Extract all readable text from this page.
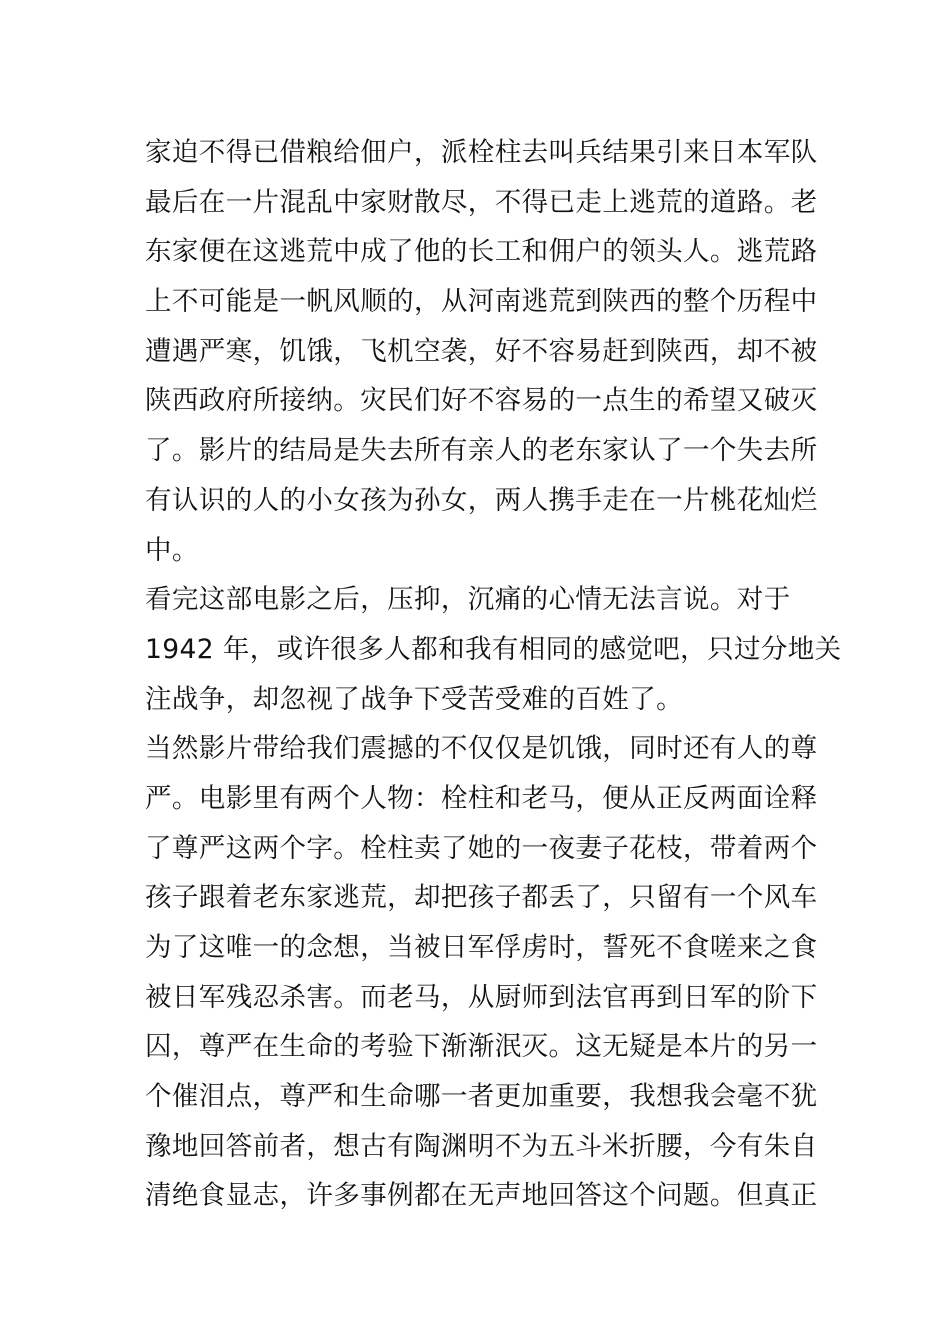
家迫不得已借粮给佃户，派栓柱去叫兵结果引来日本军队
最后在一片混乱中家财散尽，不得已走上逃荒的道路。老
东家便在这逃荒中成了他的长工和佣户的领头人。逃荒路
上不可能是一帆风顺的，从河南逃荒到陕西的整个历程中
遭遇严寒，饥饿，飞机空袭，好不容易赶到陕西，却不被
陕西政府所接纳。灾民们好不容易的一点生的希望又破灭
了。影片的结局是失去所有亲人的老东家认了一个失去所
有认识的人的小女孩为孙女，两人携手走在一片桃花灿烂
中。
看完这部电影之后，压抑，沉痛的心情无法言说。对于
1942 年，或许很多人都和我有相同的感觉吧，只过分地关
注战争，却忽视了战争下受苦受难的百姓了。
当然影片带给我们震撼的不仅仅是饥饿，同时还有人的尊
严。电影里有两个人物：栓柱和老马，便从正反两面诠释
了尊严这两个字。栓柱卖了她的一夜妻子花枝，带着两个
孩子跟着老东家逃荒，却把孩子都丢了，只留有一个风车
为了这唯一的念想，当被日军俘虏时，誓死不食嗟来之食
被日军残忍杀害。而老马，从厨师到法官再到日军的阶下
囚，尊严在生命的考验下渐渐泯灭。这无疑是本片的另一
个催泪点，尊严和生命哪一者更加重要，我想我会毫不犹
豫地回答前者，想古有陶渊明不为五斗米折腰，今有朱自
清绝食显志，许多事例都在无声地回答这个问题。但真正
